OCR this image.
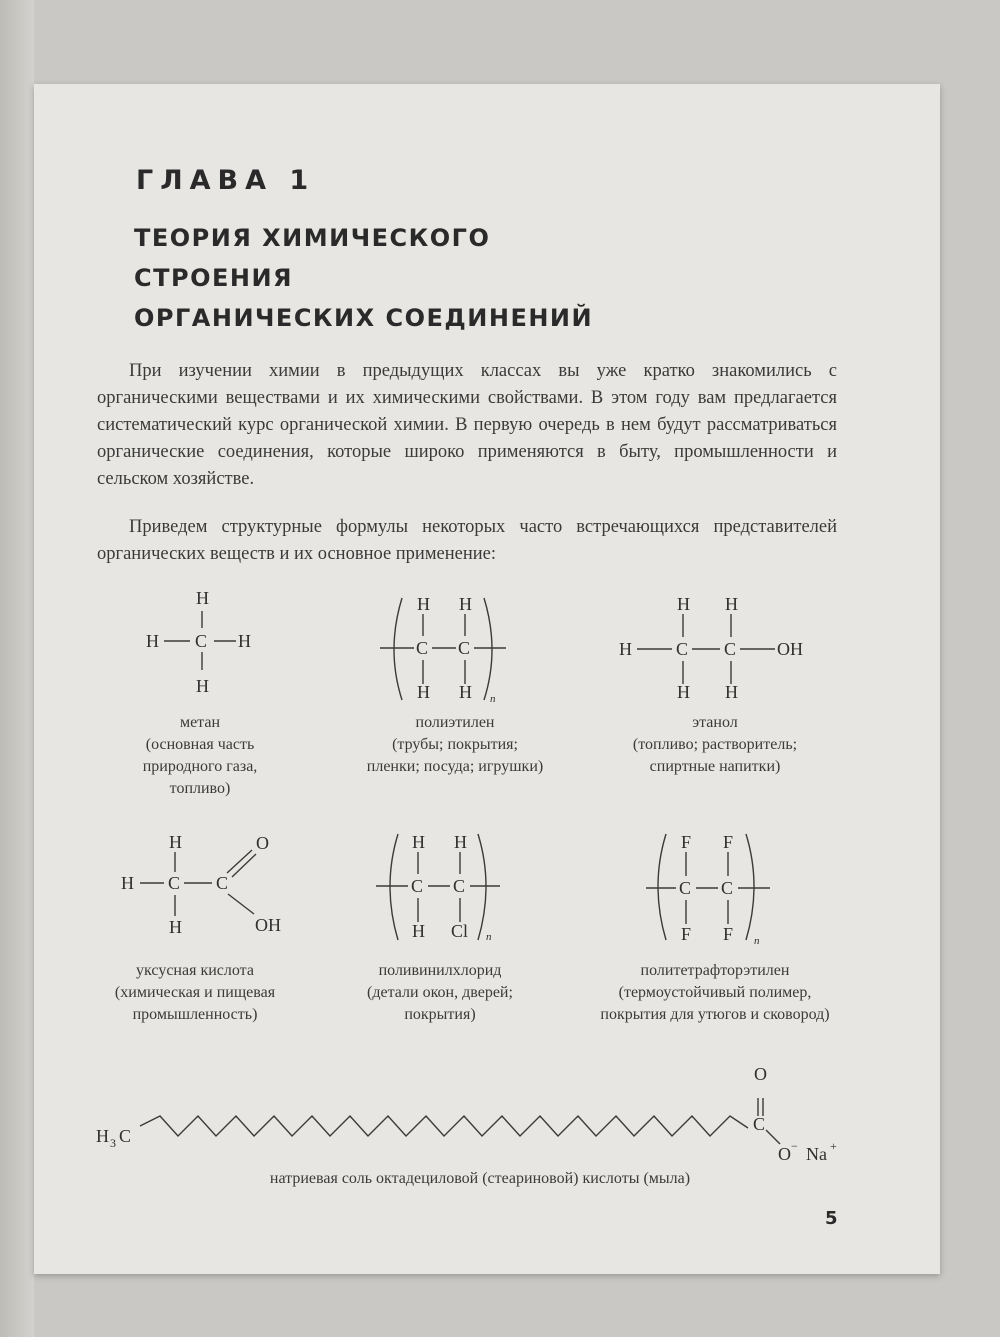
ГЛАВА 1
ТЕОРИЯ ХИМИЧЕСКОГО СТРОЕНИЯ
ОРГАНИЧЕСКИХ СОЕДИНЕНИЙ

При изучении химии в предыдущих классах вы уже кратко знакомились с органическими веществами и их химическими свойствами. В этом году вам предлагается систематический курс органической химии. В первую очередь в нем будут рассматриваться органические соединения, которые широко применяются в быту, промышленности и сельском хозяйстве.

Приведем структурные формулы некоторых часто встречающихся представителей органических веществ и их основное применение:

H
H C H
H
H H
C C
H H n
H
H H
C C
H H
OH
H
H C C
O
H	OH
H H
C C
H Cl n
F F
C C
F F n
H 3 C
O
C
O − Na +
метан
(основная часть природного газа, топливо)
полиэтилен
(трубы; покрытия; пленки; посуда; игрушки)
этанол
(топливо; растворитель; спиртные напитки)
уксусная кислота
(химическая и пищевая промышленность)
поливинилхлорид
(детали окон, дверей; покрытия)
политетрафторэтилен
(термоустойчивый полимер, покрытия для утюгов и сковород)
натриевая соль октадециловой (стеариновой) кислоты (мыла)
5
